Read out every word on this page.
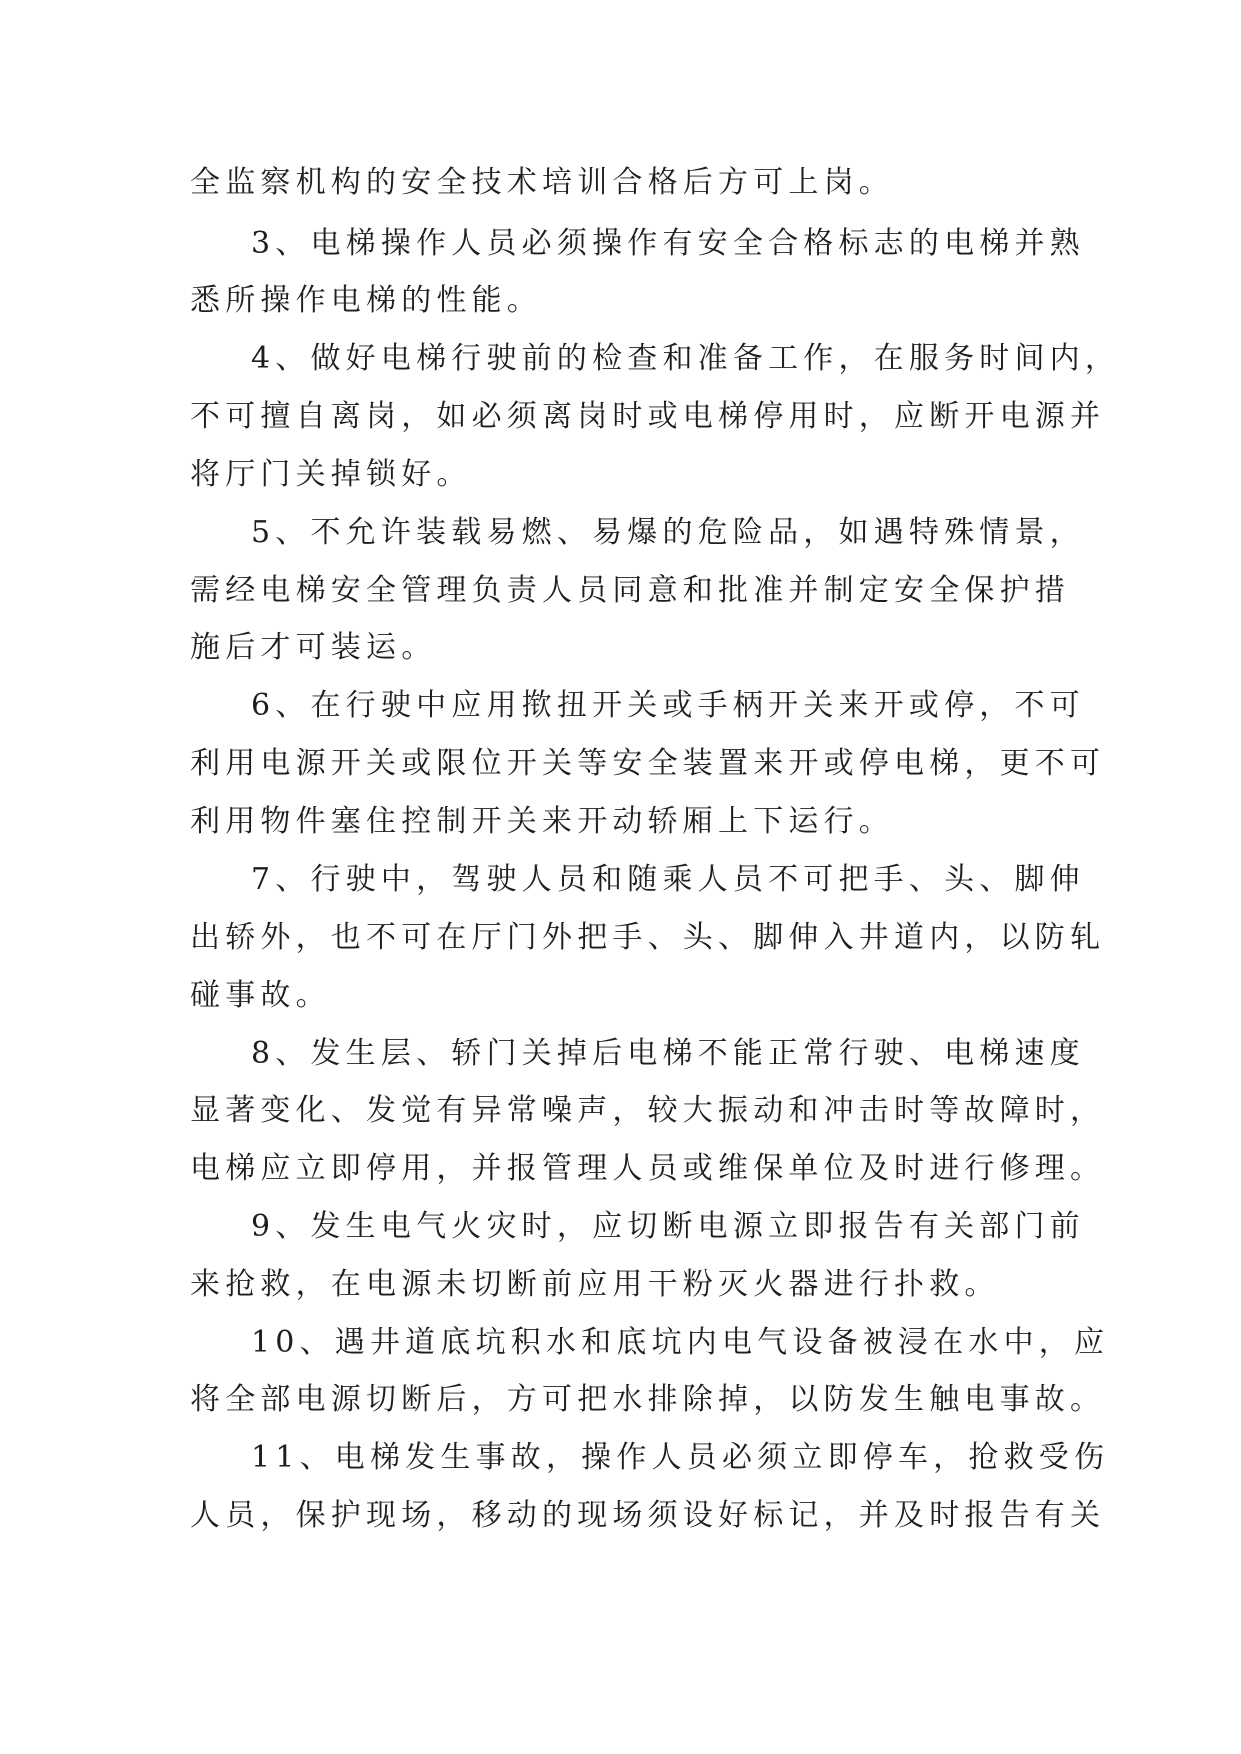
全监察机构的安全技术培训合格后方可上岗。

3、电梯操作人员必须操作有安全合格标志的电梯并熟

悉所操作电梯的性能。

4、做好电梯行驶前的检查和准备工作，在服务时间内，

不可擅自离岗，如必须离岗时或电梯停用时，应断开电源并

将厅门关掉锁好。

5、不允许装载易燃、易爆的危险品，如遇特殊情景，

需经电梯安全管理负责人员同意和批准并制定安全保护措

施后才可装运。

6、在行驶中应用揿扭开关或手柄开关来开或停，不可

利用电源开关或限位开关等安全装置来开或停电梯，更不可

利用物件塞住控制开关来开动轿厢上下运行。

7、行驶中，驾驶人员和随乘人员不可把手、头、脚伸

出轿外，也不可在厅门外把手、头、脚伸入井道内，以防轧

碰事故。

8、发生层、轿门关掉后电梯不能正常行驶、电梯速度

显著变化、发觉有异常噪声，较大振动和冲击时等故障时，

电梯应立即停用，并报管理人员或维保单位及时进行修理。

9、发生电气火灾时，应切断电源立即报告有关部门前

来抢救，在电源未切断前应用干粉灭火器进行扑救。

10、遇井道底坑积水和底坑内电气设备被浸在水中，应

将全部电源切断后，方可把水排除掉，以防发生触电事故。

11、电梯发生事故，操作人员必须立即停车，抢救受伤

人员，保护现场，移动的现场须设好标记，并及时报告有关
